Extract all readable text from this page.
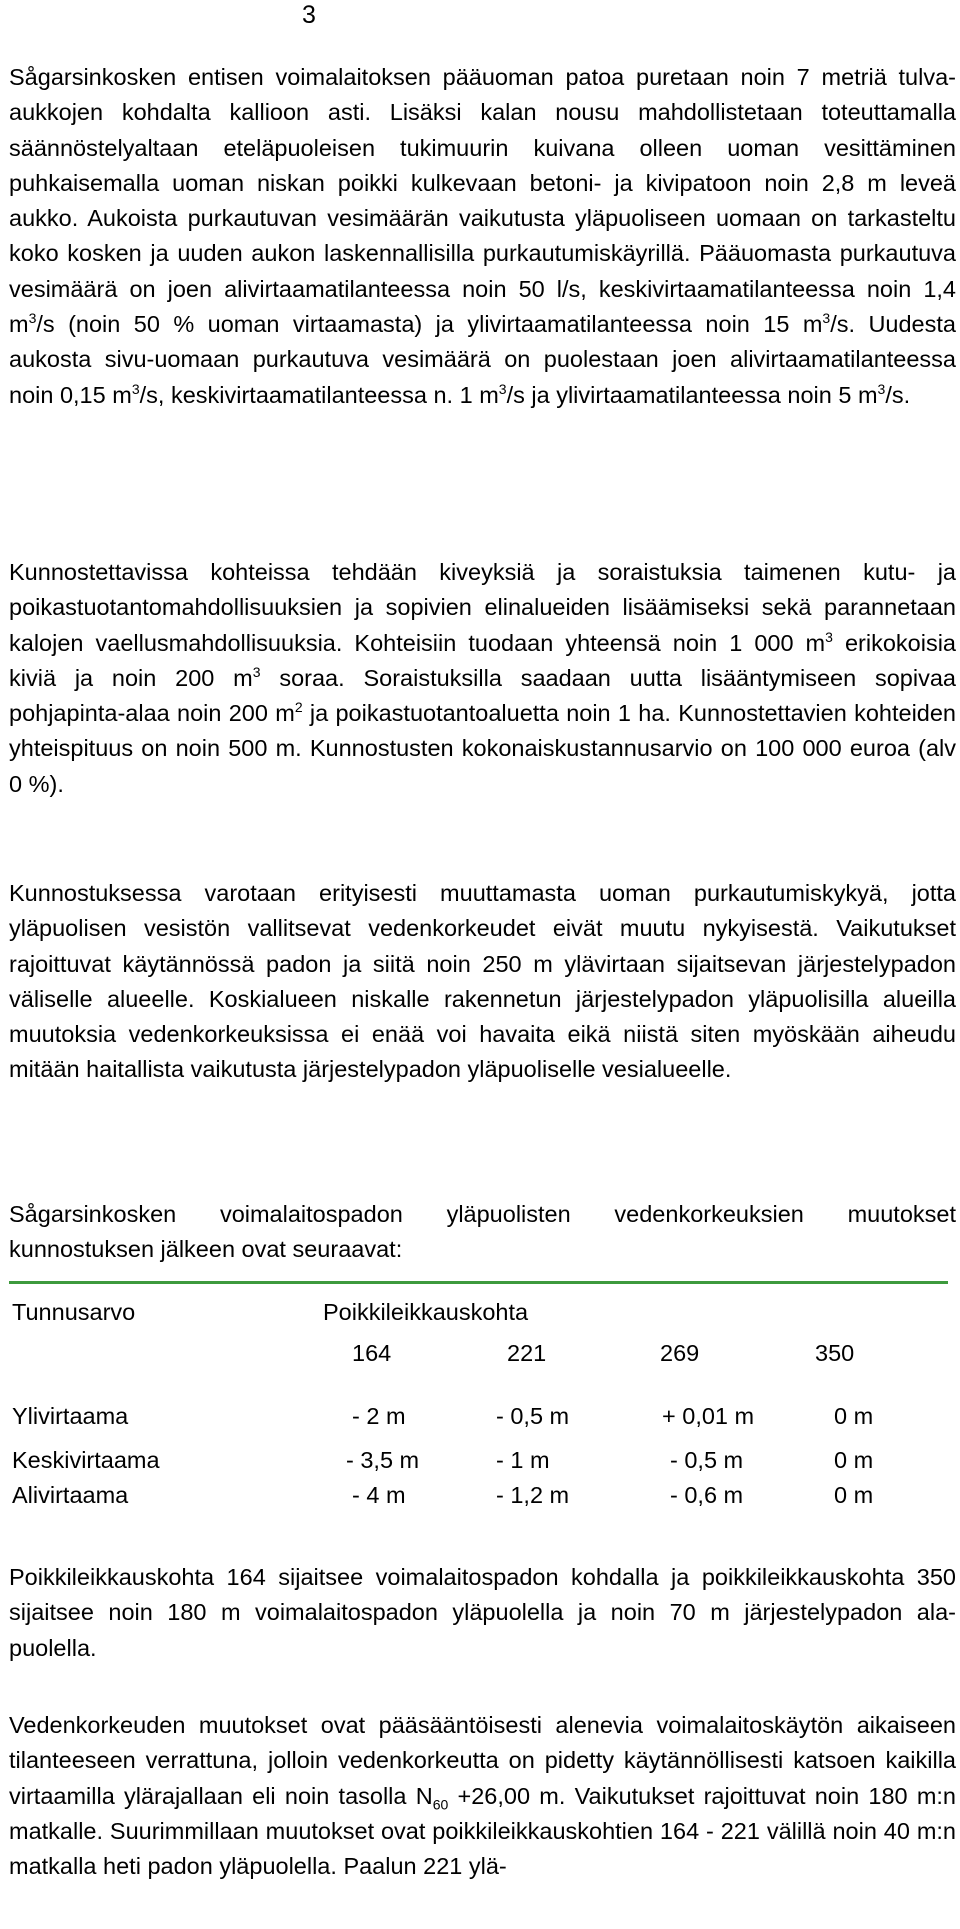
3

Sågarsinkosken entisen voimalaitoksen pääuoman patoa puretaan noin 7 metriä tulva-aukkojen kohdalta kallioon asti. Lisäksi kalan nousu mahdollistetaan toteuttamalla säännöstelyaltaan eteläpuoleisen tukimuurin kuivana olleen uoman vesittäminen puhkaisemalla uoman niskan poikki kulkevaan betoni- ja kivipatoon noin 2,8 m leveä aukko. Aukoista purkautuvan vesimäärän vaikutusta yläpuoliseen uomaan on tarkasteltu koko kosken ja uuden aukon laskennallisilla purkautumiskäyrillä. Pääuomasta purkautuva vesimäärä on joen alivirtaamatilanteessa noin 50 l/s, keskivirtaamatilanteessa noin 1,4 $m^3/s$ (noin 50 % uoman virtaamasta) ja ylivirtaamatilanteessa noin 15 $m^3/s$. Uudesta aukosta sivu-uomaan purkautuva vesimäärä on puolestaan joen alivirtaamatilanteessa noin 0,15 $m^3/s$, keskivirtaamatilanteessa n. 1 $m^3/s$ ja ylivirtaamatilanteessa noin 5 $m^3/s$.

Kunnostettavissa kohteissa tehdään kiveyksiä ja soraistuksia taimenen kutu- ja poikastuotantomahdollisuuksien ja sopivien elinalueiden lisäämiseksi sekä parannetaan kalojen vaellusmahdollisuuksia. Kohteisiin tuodaan yhteensä noin 1 000 $m^3$ erikokoisia kiviä ja noin 200 $m^3$ soraa. Soraistuksilla saadaan uutta lisääntymiseen sopivaa pohjapinta-alaa noin 200 $m^2$ ja poikastuotantoaluetta noin 1 ha. Kunnostettavien kohteiden yhteispituus on noin 500 m. Kunnostusten kokonaiskustannusarvio on 100 000 euroa (alv 0 %).

Kunnostuksessa varotaan erityisesti muuttamasta uoman purkautumiskykyä, jotta yläpuolisen vesistön vallitsevat vedenkorkeudet eivät muutu nykyisestä. Vaikutukset rajoittuvat käytännössä padon ja siitä noin 250 m ylävirtaan sijaitsevan järjestelypadon väliselle alueelle. Koskialueen niskalle rakennetun järjestelypadon yläpuolisilla alueilla muutoksia vedenkorkeuksissa ei enää voi havaita eikä niistä siten myöskään aiheudu mitään haitallista vaikutusta järjestelypadon yläpuoliselle vesialueelle.

Sågarsinkosken voimalaitospadon yläpuolisten vedenkorkeuksien muutokset kunnostuksen jälkeen ovat seuraavat:

Tunnusarvo	Poikkileikkauskohta
164	221	269	350
Ylivirtaama	- 2 m	- 0,5 m	+ 0,01 m	0 m
Keskivirtaama	- 3,5 m	- 1 m	- 0,5 m	0 m
Alivirtaama	- 4 m	- 1,2 m	- 0,6 m	0 m

Poikkileikkauskohta 164 sijaitsee voimalaitospadon kohdalla ja poikkileikkauskohta 350 sijaitsee noin 180 m voimalaitospadon yläpuolella ja noin 70 m järjestelypadon ala-puolella.

Vedenkorkeuden muutokset ovat pääsääntöisesti alenevia voimalaitoskäytön aikaiseen tilanteeseen verrattuna, jolloin vedenkorkeutta on pidetty käytännöllisesti katsoen kaikilla virtaamilla ylärajallaan eli noin tasolla $N_{60} +26,00$ m. Vaikutukset rajoittuvat noin 180 m:n matkalle. Suurimmillaan muutokset ovat poikkileikkauskohtien 164 - 221 välillä noin 40 m:n matkalla heti padon yläpuolella. Paalun 221 ylä-
